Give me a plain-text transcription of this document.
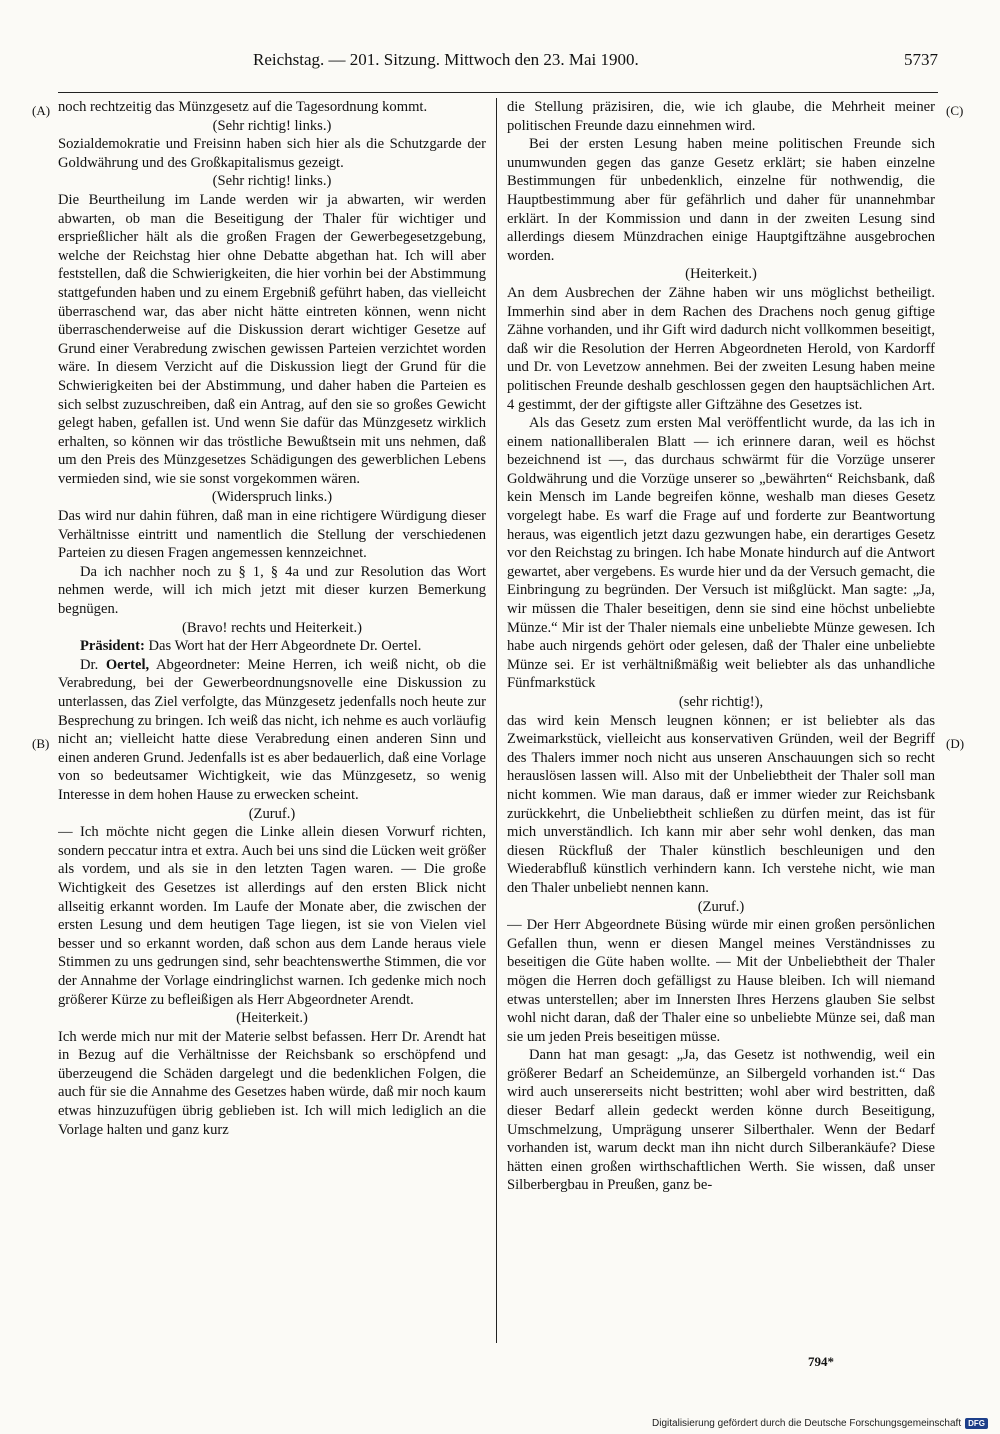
Reichstag. — 201. Sitzung. Mittwoch den 23. Mai 1900.	5737
(A)
(B)
(C)
(D)

noch rechtzeitig das Münzgesetz auf die Tagesordnung kommt.

(Sehr richtig! links.)

Sozialdemokratie und Freisinn haben sich hier als die Schutzgarde der Goldwährung und des Großkapitalismus gezeigt.

(Sehr richtig! links.)

Die Beurtheilung im Lande werden wir ja abwarten, wir werden abwarten, ob man die Beseitigung der Thaler für wichtiger und ersprießlicher hält als die großen Fragen der Gewerbegesetzgebung, welche der Reichstag hier ohne Debatte abgethan hat. Ich will aber feststellen, daß die Schwierigkeiten, die hier vorhin bei der Abstimmung stattgefunden haben und zu einem Ergebniß geführt haben, das vielleicht überraschend war, das aber nicht hätte eintreten können, wenn nicht überraschenderweise auf die Diskussion derart wichtiger Gesetze auf Grund einer Verabredung zwischen gewissen Parteien verzichtet worden wäre. In diesem Verzicht auf die Diskussion liegt der Grund für die Schwierigkeiten bei der Abstimmung, und daher haben die Parteien es sich selbst zuzuschreiben, daß ein Antrag, auf den sie so großes Gewicht gelegt haben, gefallen ist. Und wenn Sie dafür das Münzgesetz wirklich erhalten, so können wir das tröstliche Bewußtsein mit uns nehmen, daß um den Preis des Münzgesetzes Schädigungen des gewerblichen Lebens vermieden sind, wie sie sonst vorgekommen wären.

(Widerspruch links.)

Das wird nur dahin führen, daß man in eine richtigere Würdigung dieser Verhältnisse eintritt und namentlich die Stellung der verschiedenen Parteien zu diesen Fragen angemessen kennzeichnet.

Da ich nachher noch zu § 1, § 4a und zur Resolution das Wort nehmen werde, will ich mich jetzt mit dieser kurzen Bemerkung begnügen.

(Bravo! rechts und Heiterkeit.)

Präsident: Das Wort hat der Herr Abgeordnete Dr. Oertel.

Dr. Oertel, Abgeordneter: Meine Herren, ich weiß nicht, ob die Verabredung, bei der Gewerbeordnungsnovelle eine Diskussion zu unterlassen, das Ziel verfolgte, das Münzgesetz jedenfalls noch heute zur Besprechung zu bringen. Ich weiß das nicht, ich nehme es auch vorläufig nicht an; vielleicht hatte diese Verabredung einen anderen Sinn und einen anderen Grund. Jedenfalls ist es aber bedauerlich, daß eine Vorlage von so bedeutsamer Wichtigkeit, wie das Münzgesetz, so wenig Interesse in dem hohen Hause zu erwecken scheint.

(Zuruf.)

— Ich möchte nicht gegen die Linke allein diesen Vorwurf richten, sondern peccatur intra et extra. Auch bei uns sind die Lücken weit größer als vordem, und als sie in den letzten Tagen waren. — Die große Wichtigkeit des Gesetzes ist allerdings auf den ersten Blick nicht allseitig erkannt worden. Im Laufe der Monate aber, die zwischen der ersten Lesung und dem heutigen Tage liegen, ist sie von Vielen viel besser und so erkannt worden, daß schon aus dem Lande heraus viele Stimmen zu uns gedrungen sind, sehr beachtenswerthe Stimmen, die vor der Annahme der Vorlage eindringlichst warnen. Ich gedenke mich noch größerer Kürze zu befleißigen als Herr Abgeordneter Arendt.

(Heiterkeit.)

Ich werde mich nur mit der Materie selbst befassen. Herr Dr. Arendt hat in Bezug auf die Verhältnisse der Reichsbank so erschöpfend und überzeugend die Schäden dargelegt und die bedenklichen Folgen, die auch für sie die Annahme des Gesetzes haben würde, daß mir noch kaum etwas hinzuzufügen übrig geblieben ist. Ich will mich lediglich an die Vorlage halten und ganz kurz

die Stellung präzisiren, die, wie ich glaube, die Mehrheit meiner politischen Freunde dazu einnehmen wird.

Bei der ersten Lesung haben meine politischen Freunde sich unumwunden gegen das ganze Gesetz erklärt; sie haben einzelne Bestimmungen für unbedenklich, einzelne für nothwendig, die Hauptbestimmung aber für gefährlich und daher für unannehmbar erklärt. In der Kommission und dann in der zweiten Lesung sind allerdings diesem Münzdrachen einige Hauptgiftzähne ausgebrochen worden.

(Heiterkeit.)

An dem Ausbrechen der Zähne haben wir uns möglichst betheiligt. Immerhin sind aber in dem Rachen des Drachens noch genug giftige Zähne vorhanden, und ihr Gift wird dadurch nicht vollkommen beseitigt, daß wir die Resolution der Herren Abgeordneten Herold, von Kardorff und Dr. von Levetzow annehmen. Bei der zweiten Lesung haben meine politischen Freunde deshalb geschlossen gegen den hauptsächlichen Art. 4 gestimmt, der der giftigste aller Giftzähne des Gesetzes ist.

Als das Gesetz zum ersten Mal veröffentlicht wurde, da las ich in einem nationalliberalen Blatt — ich erinnere daran, weil es höchst bezeichnend ist —, das durchaus schwärmt für die Vorzüge unserer Goldwährung und die Vorzüge unserer so „bewährten“ Reichsbank, daß kein Mensch im Lande begreifen könne, weshalb man dieses Gesetz vorgelegt habe. Es warf die Frage auf und forderte zur Beantwortung heraus, was eigentlich jetzt dazu gezwungen habe, ein derartiges Gesetz vor den Reichstag zu bringen. Ich habe Monate hindurch auf die Antwort gewartet, aber vergebens. Es wurde hier und da der Versuch gemacht, die Einbringung zu begründen. Der Versuch ist mißglückt. Man sagte: „Ja, wir müssen die Thaler beseitigen, denn sie sind eine höchst unbeliebte Münze.“ Mir ist der Thaler niemals eine unbeliebte Münze gewesen. Ich habe auch nirgends gehört oder gelesen, daß der Thaler eine unbeliebte Münze sei. Er ist verhältnißmäßig weit beliebter als das unhandliche Fünfmarkstück

(sehr richtig!),

das wird kein Mensch leugnen können; er ist beliebter als das Zweimarkstück, vielleicht aus konservativen Gründen, weil der Begriff des Thalers immer noch nicht aus unseren Anschauungen sich so recht herauslösen lassen will. Also mit der Unbeliebtheit der Thaler soll man nicht kommen. Wie man daraus, daß er immer wieder zur Reichsbank zurückkehrt, die Unbeliebtheit schließen zu dürfen meint, das ist für mich unverständlich. Ich kann mir aber sehr wohl denken, das man diesen Rückfluß der Thaler künstlich beschleunigen und den Wiederabfluß künstlich verhindern kann. Ich verstehe nicht, wie man den Thaler unbeliebt nennen kann.

(Zuruf.)

— Der Herr Abgeordnete Büsing würde mir einen großen persönlichen Gefallen thun, wenn er diesen Mangel meines Verständnisses zu beseitigen die Güte haben wollte. — Mit der Unbeliebtheit der Thaler mögen die Herren doch gefälligst zu Hause bleiben. Ich will niemand etwas unterstellen; aber im Innersten Ihres Herzens glauben Sie selbst wohl nicht daran, daß der Thaler eine so unbeliebte Münze sei, daß man sie um jeden Preis beseitigen müsse.

Dann hat man gesagt: „Ja, das Gesetz ist nothwendig, weil ein größerer Bedarf an Scheidemünze, an Silbergeld vorhanden ist.“ Das wird auch unsererseits nicht bestritten; wohl aber wird bestritten, daß dieser Bedarf allein gedeckt werden könne durch Beseitigung, Umschmelzung, Umprägung unserer Silberthaler. Wenn der Bedarf vorhanden ist, warum deckt man ihn nicht durch Silberankäufe? Diese hätten einen großen wirthschaftlichen Werth. Sie wissen, daß unser Silberbergbau in Preußen, ganz be-

794*
Digitalisierung gefördert durch die Deutsche Forschungsgemeinschaft DFG
